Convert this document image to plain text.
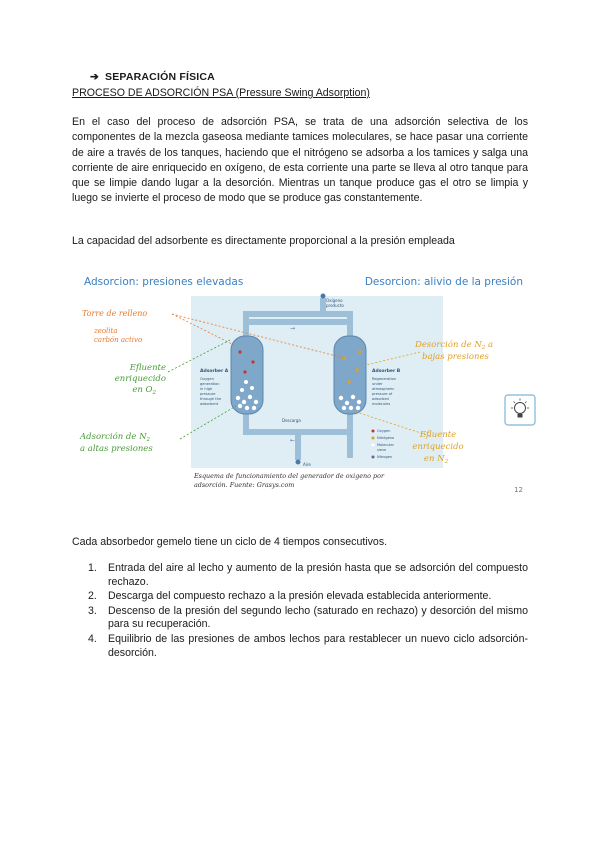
➔ SEPARACIÓN FÍSICA
PROCESO DE ADSORCIÓN PSA (Pressure Swing Adsorption)

En el caso del proceso de adsorción PSA, se trata de una adsorción selectiva de los componentes de la mezcla gaseosa mediante tamices moleculares, se hace pasar una corriente de aire a través de los tanques, haciendo que el nitrógeno se adsorba a los tamices y salga una corriente de aire enriquecido en oxígeno, de esta corriente una parte se lleva al otro tanque para que se limpie dando lugar a la desorción. Mientras un tanque produce gas el otro se limpia y luego se invierte el proceso de modo que se produce gas constantemente.

La capacidad del adsorbente es directamente proporcional a la presión empleada

Adsorcion: presiones elevadas	Desorcion: alivio de la presión
→
←
Oxígeno
producto
Adsorber A	Adsorber B
Oxygen
generation
in high
pressure
through the
adsorbent
Regeneration
under
atmospheric
pressure of
adsorbed
molecules
Descarga
Aire
Oxygen
Nitrógeno
Molecular
sieve
Nitrogen
Torre de relleno
zeolita
carbón activo
Efluente
enriquecido
en $O_2$
Adsorción de $N_2$
a altas presiones
Desorción de $N_2$ a
bajas presiones
Efluente
enriquecido
en $N_2$
Esquema de funcionamiento del generador de oxigeno por
adsorción. Fuente: Grasys.com
12

Cada absorbedor gemelo tiene un ciclo de 4 tiempos consecutivos.

1. Entrada del aire al lecho y aumento de la presión hasta que se adsorción del compuesto rechazo.
2. Descarga del compuesto rechazo a la presión elevada establecida anteriormente.
3. Descenso de la presión del segundo lecho (saturado en rechazo) y desorción del mismo para su recuperación.
4. Equilibrio de las presiones de ambos lechos para restablecer un nuevo ciclo adsorción-desorción.
